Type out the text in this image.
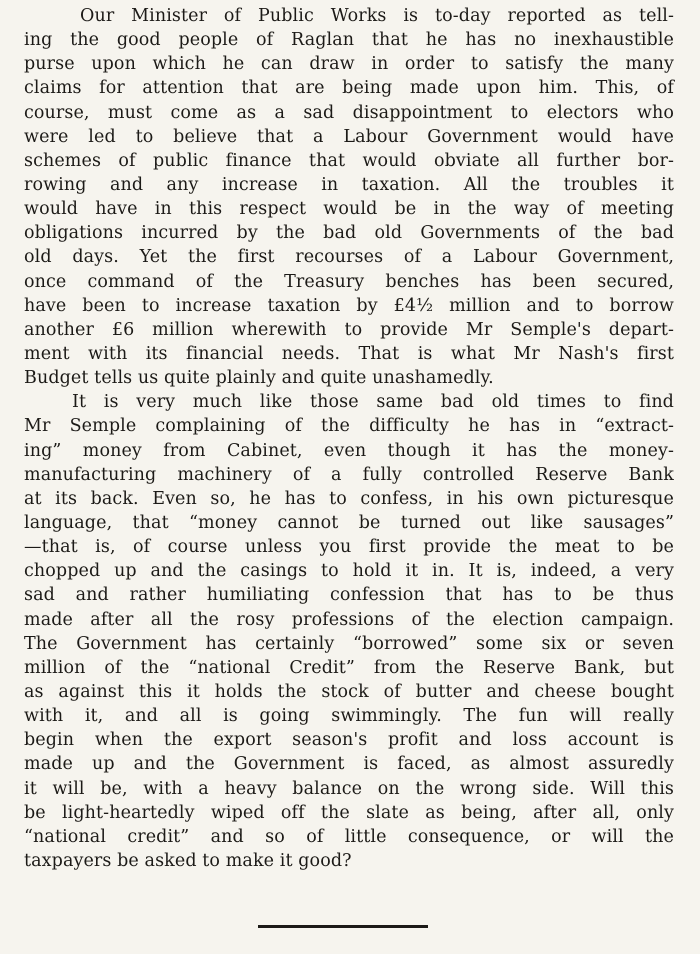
Our Minister of Public Works is to-day reported as tell-
ing the good people of Raglan that he has no inexhaustible
purse upon which he can draw in order to satisfy the many
claims for attention that are being made upon him. This, of
course, must come as a sad disappointment to electors who
were led to believe that a Labour Government would have
schemes of public finance that would obviate all further bor-
rowing and any increase in taxation. All the troubles it
would have in this respect would be in the way of meeting
obligations incurred by the bad old Governments of the bad
old days. Yet the first recourses of a Labour Government,
once command of the Treasury benches has been secured,
have been to increase taxation by £4½ million and to borrow
another £6 million wherewith to provide Mr Semple's depart-
ment with its financial needs. That is what Mr Nash's first
Budget tells us quite plainly and quite unashamedly.
It is very much like those same bad old times to find
Mr Semple complaining of the difficulty he has in “extract-
ing” money from Cabinet, even though it has the money-
manufacturing machinery of a fully controlled Reserve Bank
at its back. Even so, he has to confess, in his own picturesque
language, that “money cannot be turned out like sausages”
—that is, of course unless you first provide the meat to be
chopped up and the casings to hold it in. It is, indeed, a very
sad and rather humiliating confession that has to be thus
made after all the rosy professions of the election campaign.
The Government has certainly “borrowed” some six or seven
million of the “national Credit” from the Reserve Bank, but
as against this it holds the stock of butter and cheese bought
with it, and all is going swimmingly. The fun will really
begin when the export season's profit and loss account is
made up and the Government is faced, as almost assuredly
it will be, with a heavy balance on the wrong side. Will this
be light-heartedly wiped off the slate as being, after all, only
“national credit” and so of little consequence, or will the
taxpayers be asked to make it good?
